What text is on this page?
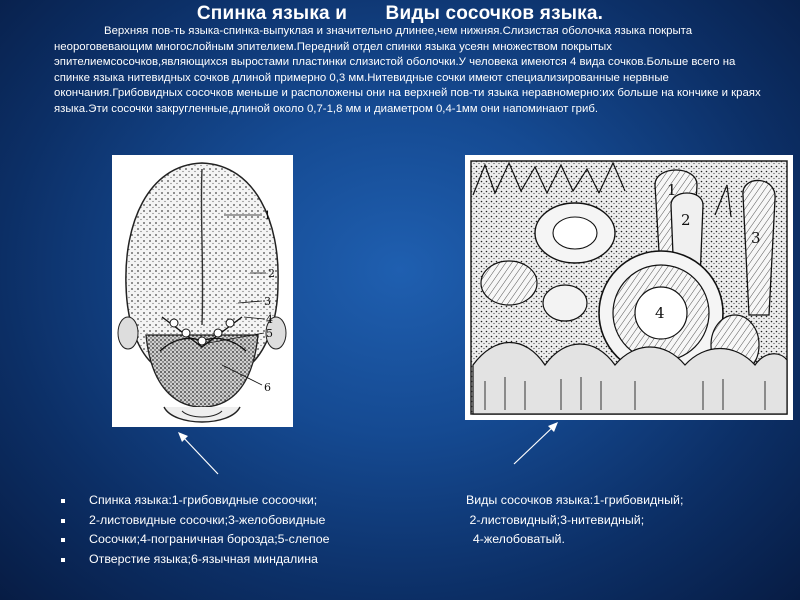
Спинка языка и Виды сосочков языка.
Верхняя пов-ть языка-спинка-выпуклая и значительно длинее,чем нижняя.Слизистая оболочка языка покрыта неороговевающим многослойным эпителием.Передний отдел спинки языка усеян множеством покрытых эпителиемсосочков,являющихся выростами пластинки слизистой оболочки.У человека имеются 4 вида сочков.Больше всего на спинке языка нитевидных сочков длиной примерно 0,3 мм.Нитевидные сочки имеют специализированные нервные окончания.Грибовидных сосочков меньше и расположены они на верхней пов-ти языка неравномерно:их больше на кончике и краях языка.Эти сосочки закругленные,длиной около 0,7-1,8 мм и диаметром 0,4-1мм они напоминают гриб.
1
2
3
4
5
6
1
2
3
4
Спинка языка:1-грибовидные сосоочки;
2-листовидные сосочки;3-желобовидные
Сосочки;4-пограничная борозда;5-слепое
Отверстие языка;6-язычная миндалина
Виды сосочков языка:1-грибовидный;
2-листовидный;3-нитевидный;
4-желобоватый.
